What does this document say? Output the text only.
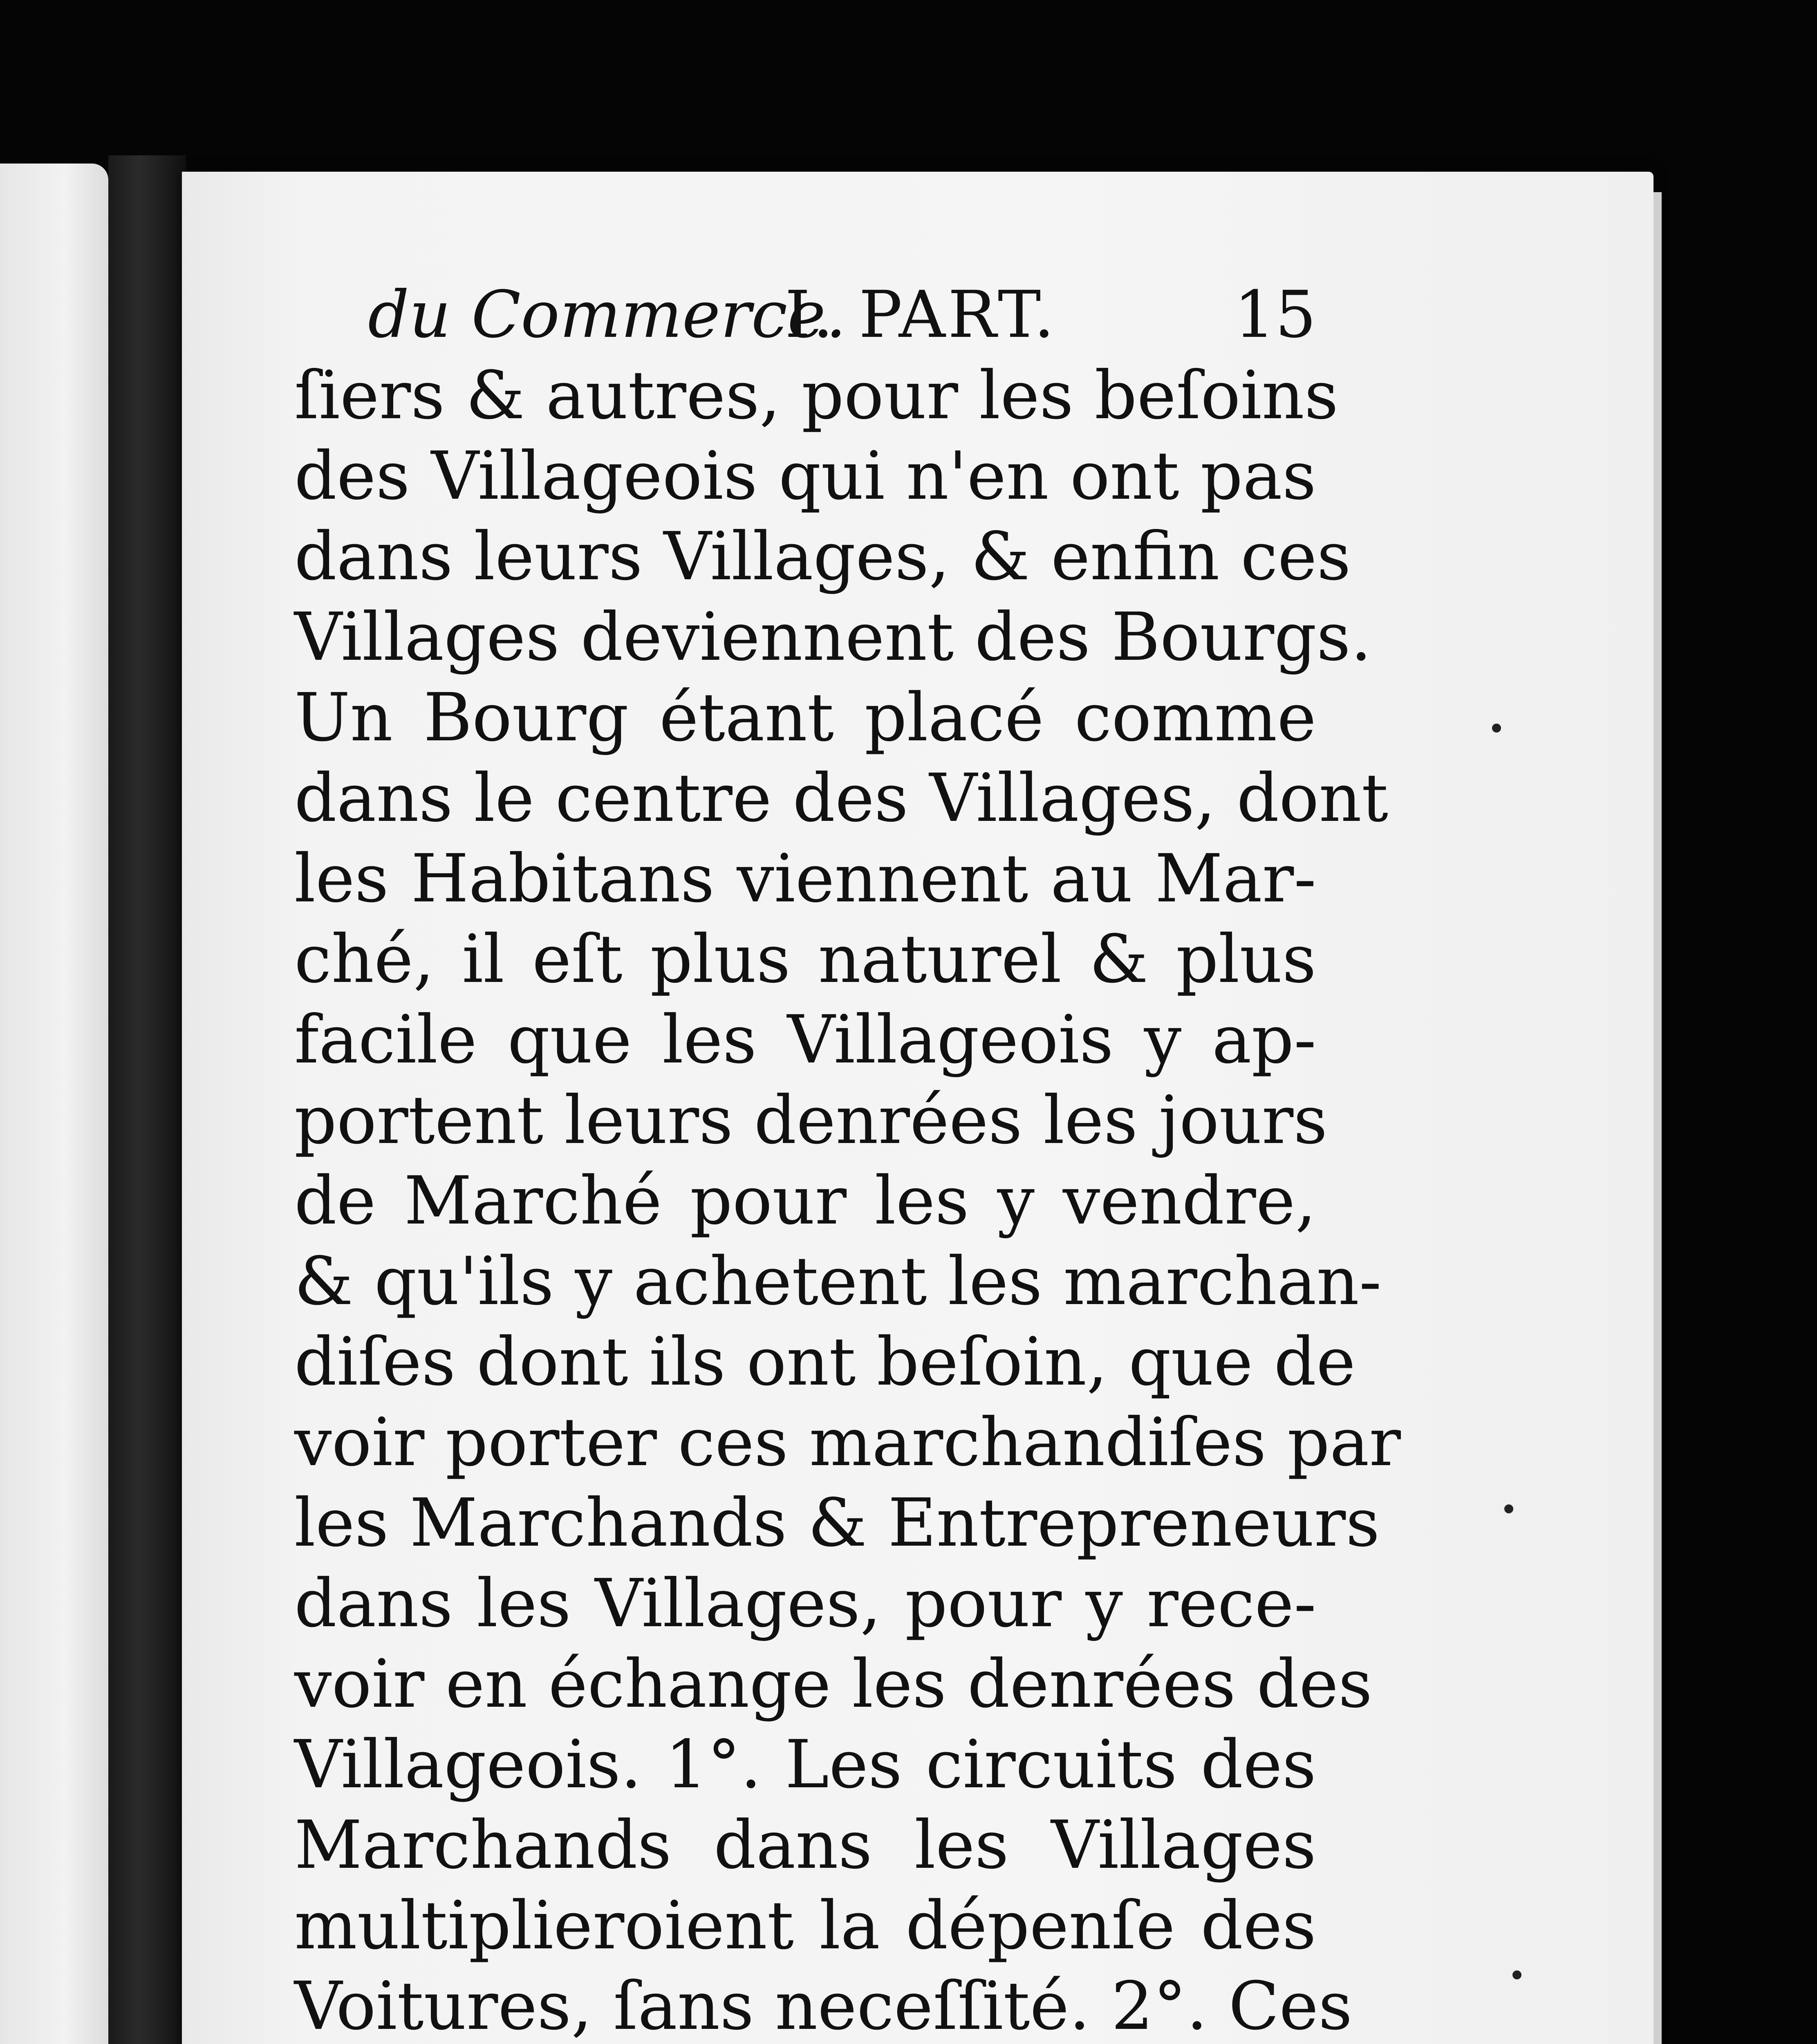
du Commerce.
I. PART.	15
ſiers & autres, pour les beſoins
des Villageois qui n'en ont pas
dans leurs Villages, & enfin ces
Villages deviennent des Bourgs.
Un Bourg étant placé comme
dans le centre des Villages, dont
les Habitans viennent au Mar-
ché, il eſt plus naturel & plus
facile que les Villageois y ap-
portent leurs denrées les jours
de Marché pour les y vendre,
& qu'ils y achetent les marchan-
diſes dont ils ont beſoin, que de
voir porter ces marchandiſes par
les Marchands & Entrepreneurs
dans les Villages, pour y rece-
voir en échange les denrées des
Villageois. 1°. Les circuits des
Marchands dans les Villages
multiplieroient la dépenſe des
Voitures, ſans neceſſité. 2°. Ces
